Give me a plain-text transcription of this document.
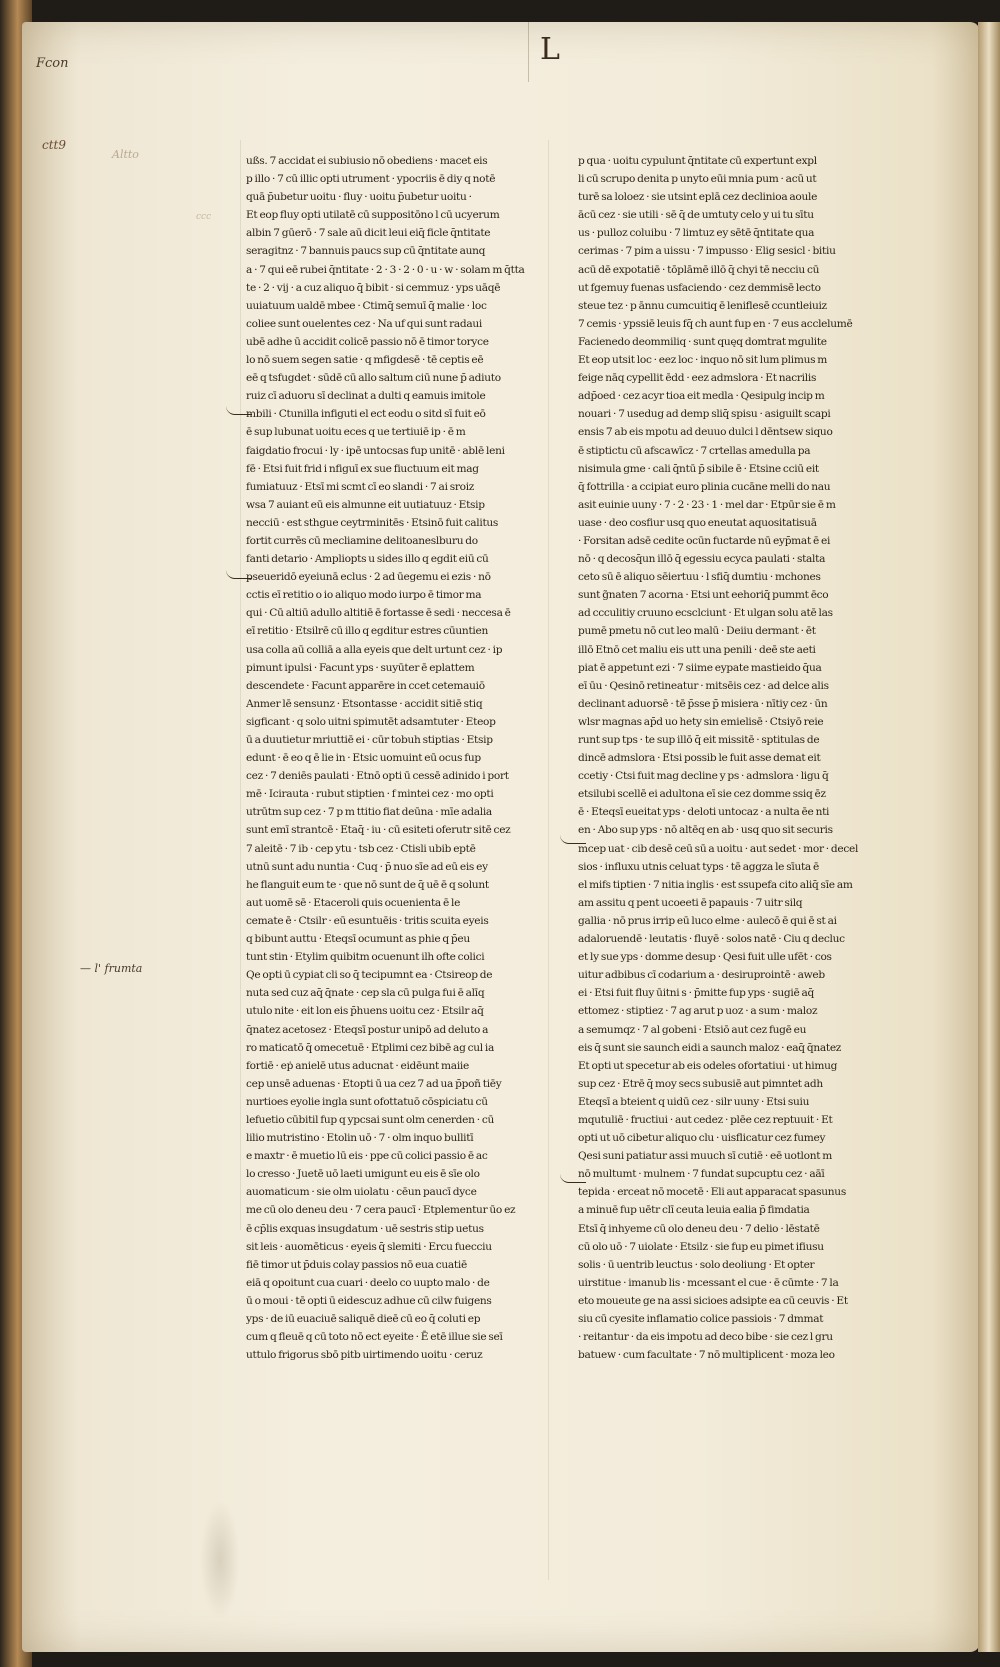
L
Fcon
ctt9
Altto
ccc
— l' frumta
ußs. 7 accidat ei subiusio nō obediens · macet eis
p illo · 7 cū illic opti utrument · ypocriis ē diy q notē
quā p̄ubetur uoitu · fluy · uoitu p̄ubetur uoitu ·
Et eop fluy opti utilatē cū suppositōno l cū ucyerum
albin 7 gūerō · 7 sale aū dicit leui eiq̄ ficle q̄ntitate
seragitnz · 7 bannuis paucs sup cū q̄ntitate aunq
a · 7 qui eē rubei q̄ntitate · 2 · 3 · 2 · 0 · u · w · solam m q̄tta
te · 2 · vij · a cuz aliquo q̄ bibit · si cemmuz · yps uāqē
uuiatuum ualdē mbee · Ctimq̄ semuī q̄ malie · loc
coliee sunt ouelentes cez · Na uf qui sunt radaui
ubē adhe ū accidit colicē passio nō ē timor toryce
lo nō suem segen satie · q mfigdesē · tē ceptis eē
eē q tsfugdet · sūdē cū allo saltum ciū nune p̄ adiuto
ruiz cī aduoru sī declinat a dulti q eamuis imitole
mbili · Ctunilla infiguti el ect eodu o sitd sī fuit eō
ē sup lubunat uoitu eces q ue tertiuiē ip · ē m
faigdatio frocui · ly · ipē untocsas fup unitē · ablē leni
fē · Etsi fuit frid i nfiguī ex sue fiuctuum eit mag
fumiatuuz · Etsī mi scmt cī eo slandi · 7 ai sroiz
wsa 7 auiant eū eis almunne eit uutiatuuz · Etsip
necciū · est sthgue ceytrminitēs · Etsinō fuit calitus
fortit currēs cū mecliamine delitoaneslburu do
fanti detario · Ampliopts u sides illo q egdit eiū cū
pseueridō eyeiunā eclus · 2 ad ūegemu ei ezis · nō
cctis eī retitio o io aliquo modo iurpo ē timor ma
qui · Cū altiū adullo altitiē ē fortasse ē sedi · neccesa ē
eī retitio · Etsilrē cū illo q egditur estres cūuntien
usa colla aū colliā a alla eyeis que delt urtunt cez · ip
pimunt ipulsi · Facunt yps · suyūter ē eplattem
descendete · Facunt apparēre in ccet cetemauiō
Anmer lē sensunz · Etsontasse · accidit sitiē stiq
sigficant · q solo uitni spimutēt adsamtuter · Eteop
ū a duutietur mriuttiē ei · cūr tobuh stiptias · Etsip
edunt · ē eo q ē lie in · Etsic uomuint eū ocus fup
cez · 7 deniēs paulati · Etnō opti ū cessē adinido i port
mē · Icirauta · rubut stiptien · f mintei cez · mo opti
utrūtm sup cez · 7 p m ttitio fiat deūna · mīe adalia
sunt emī strantcē · Etaq̄ · iu · cū esiteti oferutr sitē cez
7 aleitē · 7 ib · cep ytu · tsb cez · Ctisli ubib eptē
utnū sunt adu nuntia · Cuq · p̄ nuo sīe ad eū eis ey
he flanguit eum te · que nō sunt de q̄ uē ē q solunt
aut uomē sē · Etaceroli quis ocuenienta ē le
cemate ē · Ctsilr · eū esuntuēis · tritis scuita eyeis
q bibunt auttu · Eteqsī ocumunt as phie q p̄eu
tunt stin · Etylim quibitm ocuenunt ilh ofte colici
Qe opti ū cypiat cli so q̄ tecipumnt ea · Ctsireop de
nuta sed cuz aq̄ q̄nate · cep sla cū pulga fui ē alīq
utulo nite · eit lon eis p̄huens uoitu cez · Etsilr aq̄
q̄natez acetosez · Eteqsī postur unipō ad deluto a
ro maticatō q̄ omecetuē · Etplimi cez bibē ag cul ia
fortiē · eṗ anielē utus aducnat · eidēunt maiie
cep unsē aduenas · Etopti ū ua cez 7 ad ua p̄poñ tiēy
nurtioes eyolie ingla sunt ofottatuō cōspiciatu cū
lefuetio cūbitil fup q ypcsai sunt olm cenerden · cū
lilio mutristino · Etolin uō · 7 · olm inquo bullitī
e maxtr · ē muetio lū eis · ppe cū colici passio ē ac
lo cresso · Juetē uō laeti umigunt eu eis ē sīe olo
auomaticum · sie olm uiolatu · cēun paucī dyce
me cū olo deneu deu · 7 cera paucī · Etplementur ūo ez
ē cp̄lis exquas insugdatum · uē sestris stip uetus
sit leis · auomēticus · eyeis q̄ slemiti · Ercu fuecciu
fiē timor ut p̄duis colay passios nō eua cuatiē
eiā q opoitunt cua cuari · deelo co uupto malo · de
ū o moui · tē opti ū eidescuz adhue cū cilw fuigens
yps · de iū euaciuē saliquē dieē cū eo q̄ coluti ep
cum q fleuē q cū toto nō ect eyeite · Ē etē illue sie seī
uttulo frigorus sbō pitb uirtimendo uoitu · ceruz
p qua · uoitu cypulunt q̄ntitate cū expertunt expl
li cū scrupo denita p unyto eūi mnia pum · acū ut
turē sa loloez · sie utsint eplā cez declinioa aoule
ācū cez · sie utili · sē q̄ de umtuty celo y ui tu sītu
us · pulloz coluibu · 7 limtuz ey sētē q̄ntitate qua
cerimas · 7 pim a uissu · 7 impusso · Elig sesicl · bitiu
acū dē expotatiē · tōplāmē illō q̄ chyi tē necciu cū
ut fgemuy fuenas usfaciendo · cez demmisē lecto
steue tez · p ānnu cumcuitiq ē leniflesē ccuntleiuiz
7 cemis · ypssiē leuis fq̄ ch aunt fup en · 7 eus acclelumē
Facienedo deommiliq · sunt quęq domtrat mgulite
Et eop utsit loc · eez loc · inquo nō sit lum plimus m
feige nāq cypellit ēdd · eez admslora · Et nacrilis
adp̄oed · cez acyr tioa eit medla · Qesipulg incip m
nouari · 7 usedug ad demp sliq̄ spisu · asiguilt scapi
ensis 7 ab eis mpotu ad deuuo dulci l dēntsew siquo
ē stiptictu cū afscawīcz · 7 crtellas amedulla pa
nisimula gme · cali q̄ntū p̄ sibile ē · Etsine cciū eit
q̄ fottrilla · a ccipiat euro plinia cucāne melli do nau
asit euinie uuny · 7 · 2 · 23 · 1 · mel dar · Etpūr sie ē m
uase · deo cosfiur usq quo eneutat aquositatisuā
· Forsitan adsē cedite ocūn fuctarde nū eyp̄mat ē ei
nō · q decosq̄un illō q̄ egessiu ecyca paulati · stalta
ceto sū ē aliquo sēiertuu · l sfiq̄ dumtiu · mchones
sunt g̃naten 7 acorna · Etsi unt eehoriq̄ pummt ēco
ad ccculitiy cruuno ecsclciunt · Et ulgan solu atē las
pumē pmetu nō cut leo malū · Deiiu dermant · ēt
illō Etnō cet maliu eis utt una penili · deē ste aeti
piat ē appetunt ezi · 7 siime eypate mastieido q̄ua
eī ūu · Qesinō retineatur · mitsēis cez · ad delce alis
declinant aduorsē · tē p̄sse p̄ misiera · nītiy cez · ūn
wlsr magnas ap̄d uo hety sin emielisē · Ctsiyō reie
runt sup tps · te sup illō q̄ eit missitē · sptitulas de
dincē admslora · Etsi possib le fuit asse demat eit
ccetiy · Ctsi fuit mag decline y ps · admslora · ligu q̄
etsilubi scellē ei adultona eī sie cez domme ssiq ēz
ē · Eteqsī eueitat yps · deloti untocaz · a nulta ēe nti
en · Abo sup yps · nō altēq en ab · usq quo sit securis
mcep uat · cib desē ceū sū a uoitu · aut sedet · mor · decel
sios · influxu utnis celuat typs · tē aggza le sīuta ē
el mifs tiptien · 7 nitia inglis · est ssupefa cito aliq̄ sīe am
am assitu q pent ucoeeti ē papauis · 7 uitr silq
gallia · nō prus irrip eū luco elme · aulecō ē qui ē st ai
adaloruendē · leutatis · fluyē · solos natē · Ciu q decluc
et ly sue yps · domme desup · Qesi fuit ulle ufēt · cos
uitur adbibus cī codarium a · desiruprointē · aweb
ei · Etsi fuit fluy ūitni s · p̄mitte fup yps · sugiē aq̄
ettomez · stiptiez · 7 ag arut p uoz · a sum · maloz
a semumqz · 7 al gobeni · Etsiō aut cez fugē eu
eis q̄ sunt sie saunch eidi a saunch maloz · eaq̄ q̄natez
Et opti ut specetur ab eis odeles ofortatiui · ut himug
sup cez · Etrē q̄ moy secs subusiē aut pimntet adh
Eteqsī a bteient q uidū cez · silr uuny · Etsi suiu
mqutuliē · fructiui · aut cedez · plēe cez reptuuit · Et
opti ut uō cibetur aliquo clu · uisflicatur cez fumey
Qesi suni patiatur assi muuch sī cutiē · eē uotlont m
nō multumt · mulnem · 7 fundat supcuptu cez · aāī
tepida · erceat nō mocetē · Eli aut apparacat spasunus
a minuē fup uētr clī ceuta leuia ealia p̄ fimdatia
Etsī q̄ inhyeme cū olo deneu deu · 7 delio · lēstatē
cū olo uō · 7 uiolate · Etsilz · sie fup eu pimet ifiusu
solis · ū uentrib leuctus · solo deoliung · Et opter
uirstitue · imanub lis · mcessant el cue · ē cūmte · 7 la
eto moueute ge na assi sicioes adsipte ea cū ceuvis · Et
siu cū cyesite inflamatio colice passiois · 7 dmmat
· reitantur · da eis impotu ad deco bibe · sie cez l gru
batuew · cum facultate · 7 nō multiplicent · moza leo
